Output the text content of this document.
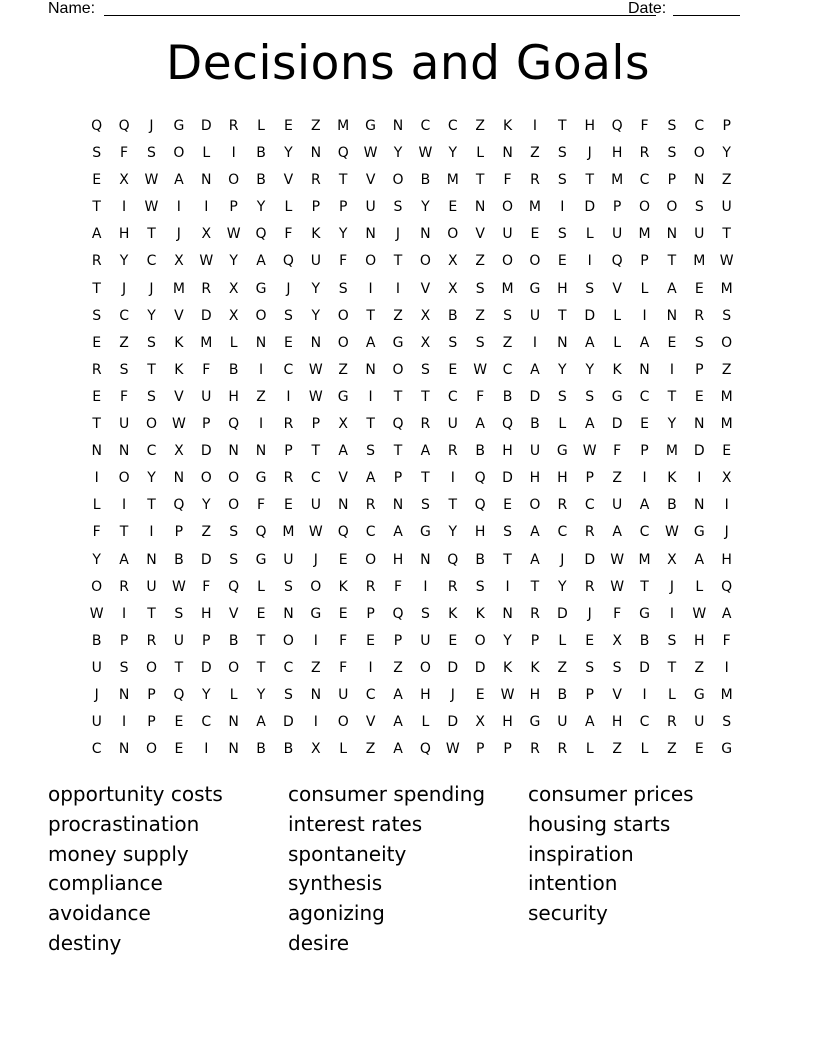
Name:	Date:
Decisions and Goals
Q	Q	J	G	D	R	L	E	Z	M	G	N	C	C	Z	K	I	T	H	Q	F	S	C	P
S	F	S	O	L	I	B	Y	N	Q	W	Y	W	Y	L	N	Z	S	J	H	R	S	O	Y
E	X	W	A	N	O	B	V	R	T	V	O	B	M	T	F	R	S	T	M	C	P	N	Z
T	I	W	I	I	P	Y	L	P	P	U	S	Y	E	N	O	M	I	D	P	O	O	S	U
A	H	T	J	X	W	Q	F	K	Y	N	J	N	O	V	U	E	S	L	U	M	N	U	T
R	Y	C	X	W	Y	A	Q	U	F	O	T	O	X	Z	O	O	E	I	Q	P	T	M	W
T	J	J	M	R	X	G	J	Y	S	I	I	V	X	S	M	G	H	S	V	L	A	E	M
S	C	Y	V	D	X	O	S	Y	O	T	Z	X	B	Z	S	U	T	D	L	I	N	R	S
E	Z	S	K	M	L	N	E	N	O	A	G	X	S	S	Z	I	N	A	L	A	E	S	O
R	S	T	K	F	B	I	C	W	Z	N	O	S	E	W	C	A	Y	Y	K	N	I	P	Z
E	F	S	V	U	H	Z	I	W	G	I	T	T	C	F	B	D	S	S	G	C	T	E	M
T	U	O	W	P	Q	I	R	P	X	T	Q	R	U	A	Q	B	L	A	D	E	Y	N	M
N	N	C	X	D	N	N	P	T	A	S	T	A	R	B	H	U	G	W	F	P	M	D	E
I	O	Y	N	O	O	G	R	C	V	A	P	T	I	Q	D	H	H	P	Z	I	K	I	X
L	I	T	Q	Y	O	F	E	U	N	R	N	S	T	Q	E	O	R	C	U	A	B	N	I
F	T	I	P	Z	S	Q	M	W	Q	C	A	G	Y	H	S	A	C	R	A	C	W	G	J
Y	A	N	B	D	S	G	U	J	E	O	H	N	Q	B	T	A	J	D	W	M	X	A	H
O	R	U	W	F	Q	L	S	O	K	R	F	I	R	S	I	T	Y	R	W	T	J	L	Q
W	I	T	S	H	V	E	N	G	E	P	Q	S	K	K	N	R	D	J	F	G	I	W	A
B	P	R	U	P	B	T	O	I	F	E	P	U	E	O	Y	P	L	E	X	B	S	H	F
U	S	O	T	D	O	T	C	Z	F	I	Z	O	D	D	K	K	Z	S	S	D	T	Z	I
J	N	P	Q	Y	L	Y	S	N	U	C	A	H	J	E	W	H	B	P	V	I	L	G	M
U	I	P	E	C	N	A	D	I	O	V	A	L	D	X	H	G	U	A	H	C	R	U	S
C	N	O	E	I	N	B	B	X	L	Z	A	Q	W	P	P	R	R	L	Z	L	Z	E	G
opportunity costs	consumer spending	consumer prices
procrastination	interest rates	housing starts
money supply	spontaneity	inspiration
compliance	synthesis	intention
avoidance	agonizing	security
destiny	desire
